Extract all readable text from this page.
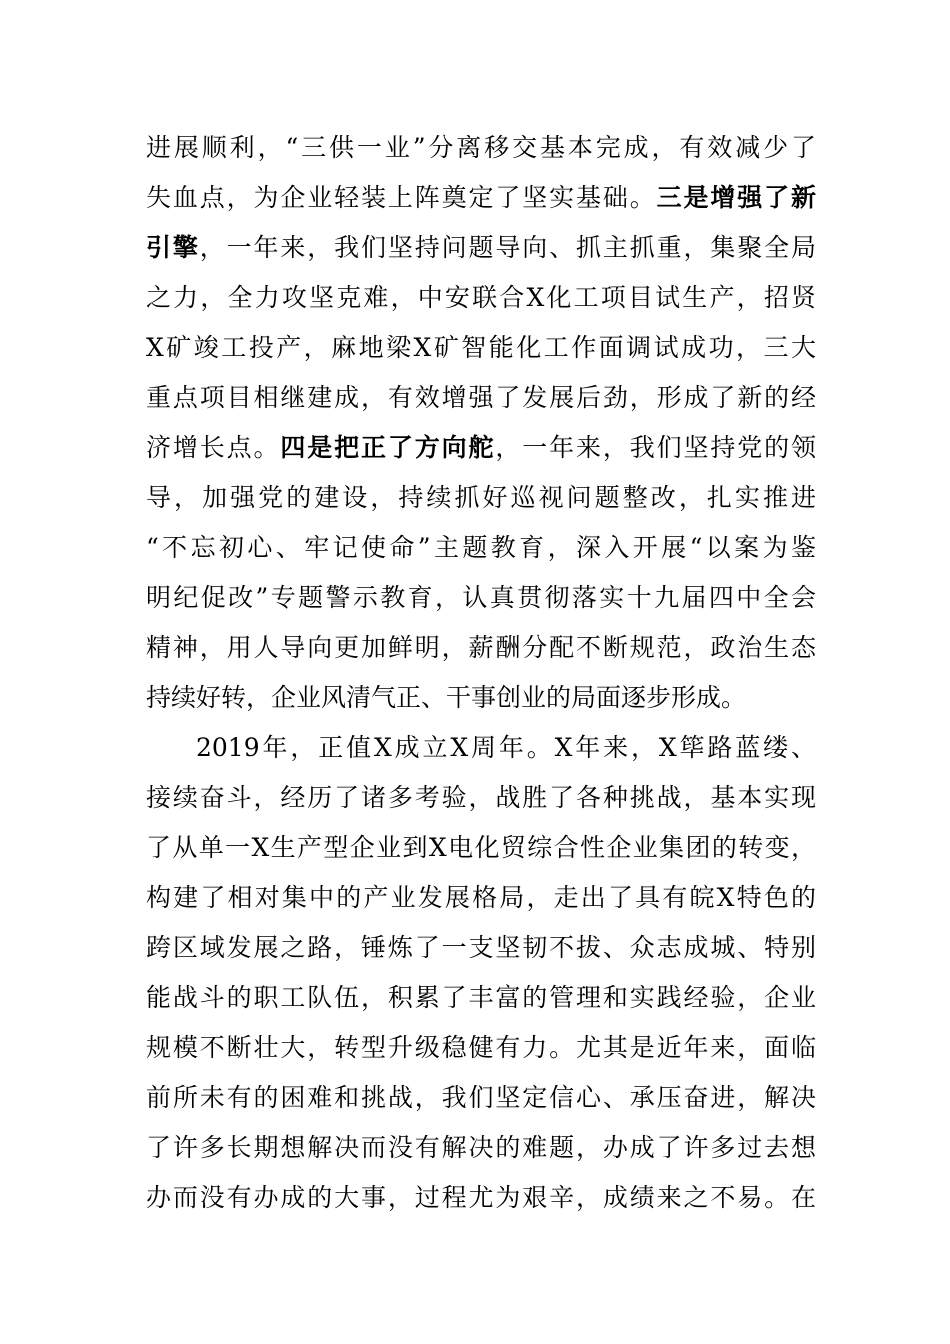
进展顺利，“三供一业”分离移交基本完成，有效减少了
失血点，为企业轻装上阵奠定了坚实基础。三是增强了新
引擎，一年来，我们坚持问题导向、抓主抓重，集聚全局
之力，全力攻坚克难，中安联合X化工项目试生产，招贤
X矿竣工投产，麻地梁X矿智能化工作面调试成功，三大
重点项目相继建成，有效增强了发展后劲，形成了新的经
济增长点。四是把正了方向舵，一年来，我们坚持党的领
导，加强党的建设，持续抓好巡视问题整改，扎实推进
“不忘初心、牢记使命”主题教育，深入开展“以案为鉴
明纪促改”专题警示教育，认真贯彻落实十九届四中全会
精神，用人导向更加鲜明，薪酬分配不断规范，政治生态
持续好转，企业风清气正、干事创业的局面逐步形成。
2019年，正值X成立X周年。X年来，X筚路蓝缕、
接续奋斗，经历了诸多考验，战胜了各种挑战，基本实现
了从单一X生产型企业到X电化贸综合性企业集团的转变，
构建了相对集中的产业发展格局，走出了具有皖X特色的
跨区域发展之路，锤炼了一支坚韧不拔、众志成城、特别
能战斗的职工队伍，积累了丰富的管理和实践经验，企业
规模不断壮大，转型升级稳健有力。尤其是近年来，面临
前所未有的困难和挑战，我们坚定信心、承压奋进，解决
了许多长期想解决而没有解决的难题，办成了许多过去想
办而没有办成的大事，过程尤为艰辛，成绩来之不易。在
